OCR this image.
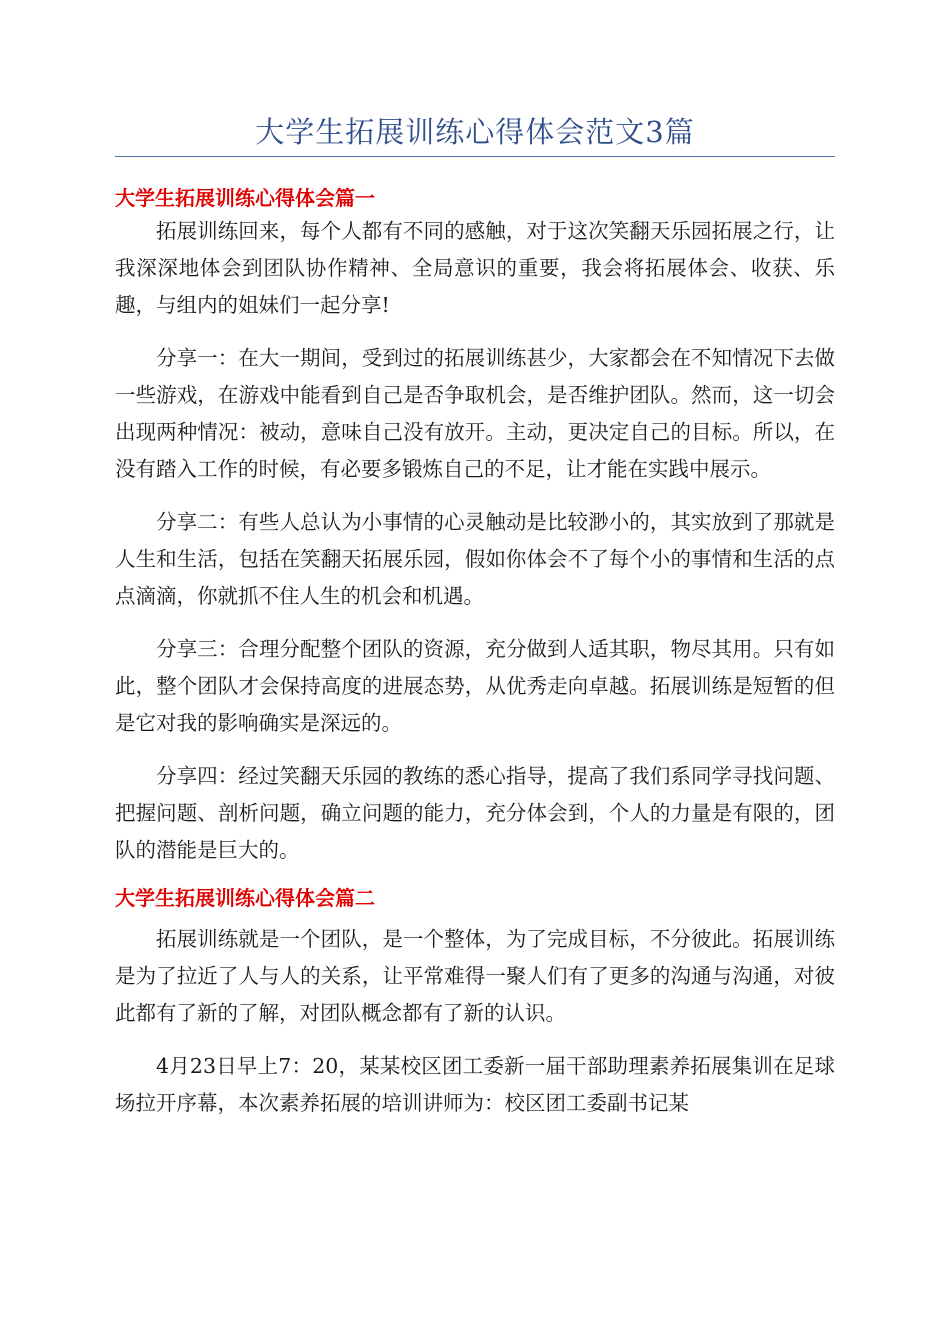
大学生拓展训练心得体会范文3篇
大学生拓展训练心得体会篇一

拓展训练回来，每个人都有不同的感触，对于这次笑翻天乐园拓展之行，让我深深地体会到团队协作精神、全局意识的重要，我会将拓展体会、收获、乐趣，与组内的姐妹们一起分享!

分享一：在大一期间，受到过的拓展训练甚少，大家都会在不知情况下去做一些游戏，在游戏中能看到自己是否争取机会，是否维护团队。然而，这一切会出现两种情况：被动，意味自己没有放开。主动，更决定自己的目标。所以，在没有踏入工作的时候，有必要多锻炼自己的不足，让才能在实践中展示。

分享二：有些人总认为小事情的心灵触动是比较渺小的，其实放到了那就是人生和生活，包括在笑翻天拓展乐园，假如你体会不了每个小的事情和生活的点点滴滴，你就抓不住人生的机会和机遇。

分享三：合理分配整个团队的资源，充分做到人适其职，物尽其用。只有如此，整个团队才会保持高度的进展态势，从优秀走向卓越。拓展训练是短暂的但是它对我的影响确实是深远的。

分享四：经过笑翻天乐园的教练的悉心指导，提高了我们系同学寻找问题、把握问题、剖析问题，确立问题的能力，充分体会到，个人的力量是有限的，团队的潜能是巨大的。

大学生拓展训练心得体会篇二

拓展训练就是一个团队，是一个整体，为了完成目标，不分彼此。拓展训练是为了拉近了人与人的关系，让平常难得一聚人们有了更多的沟通与沟通，对彼此都有了新的了解，对团队概念都有了新的认识。

4月23日早上7：20，某某校区团工委新一届干部助理素养拓展集训在足球场拉开序幕，本次素养拓展的培训讲师为：校区团工委副书记某
